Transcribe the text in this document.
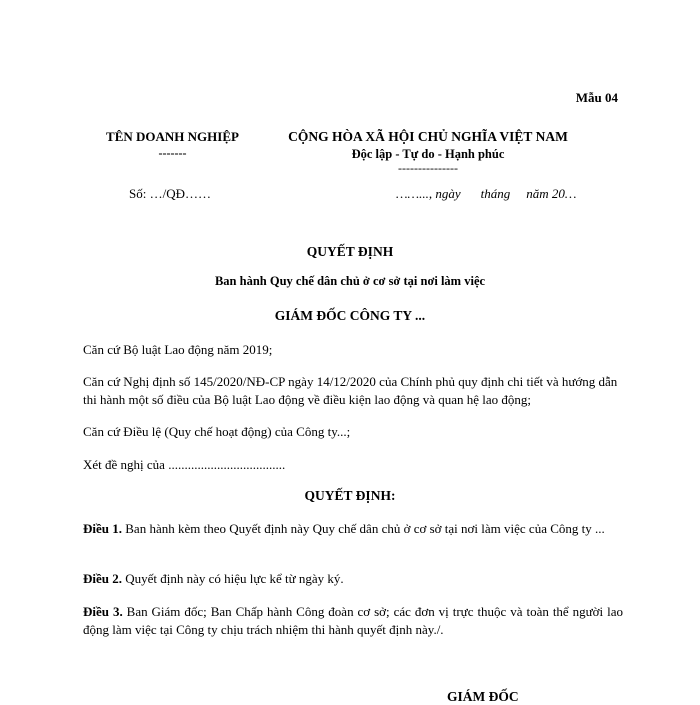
Mẫu 04
TÊN DOANH NGHIỆP
-------
CỘNG HÒA XÃ HỘI CHỦ NGHĨA VIỆT NAM
Độc lập - Tự do - Hạnh phúc
---------------
Số: …/QĐ……	……..., ngày tháng năm 20…
QUYẾT ĐỊNH
Ban hành Quy chế dân chủ ở cơ sở tại nơi làm việc
GIÁM ĐỐC CÔNG TY ...
Căn cứ Bộ luật Lao động năm 2019;
Căn cứ Nghị định số 145/2020/NĐ-CP ngày 14/12/2020 của Chính phủ quy định chi tiết và hướng dẫn thi hành một số điều của Bộ luật Lao động về điều kiện lao động và quan hệ lao động;
Căn cứ Điều lệ (Quy chế hoạt động) của Công ty...;
Xét đề nghị của ....................................
QUYẾT ĐỊNH:
Điều 1. Ban hành kèm theo Quyết định này Quy chế dân chủ ở cơ sở tại nơi làm việc của Công ty ...
Điều 2. Quyết định này có hiệu lực kể từ ngày ký.
Điều 3. Ban Giám đốc; Ban Chấp hành Công đoàn cơ sở; các đơn vị trực thuộc và toàn thể người lao động làm việc tại Công ty chịu trách nhiệm thi hành quyết định này./.
GIÁM ĐỐC
